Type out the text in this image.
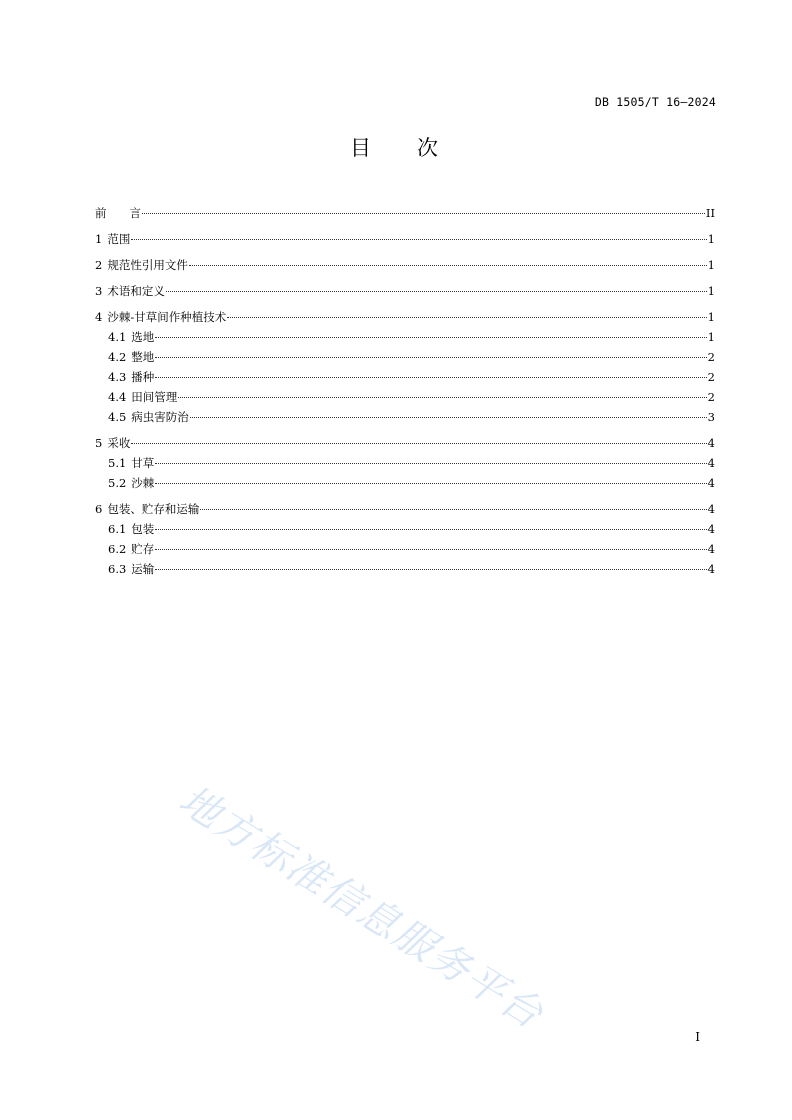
DB 1505/T 16—2024
目 次
前　　言	II
1 范围	1
2 规范性引用文件	1
3 术语和定义	1
4 沙棘-甘草间作种植技术	1
4.1 选地	1
4.2 整地	2
4.3 播种	2
4.4 田间管理	2
4.5 病虫害防治	3
5 采收	4
5.1 甘草	4
5.2 沙棘	4
6 包装、贮存和运输	4
6.1 包装	4
6.2 贮存	4
6.3 运输	4
地方标准信息服务平台	I
